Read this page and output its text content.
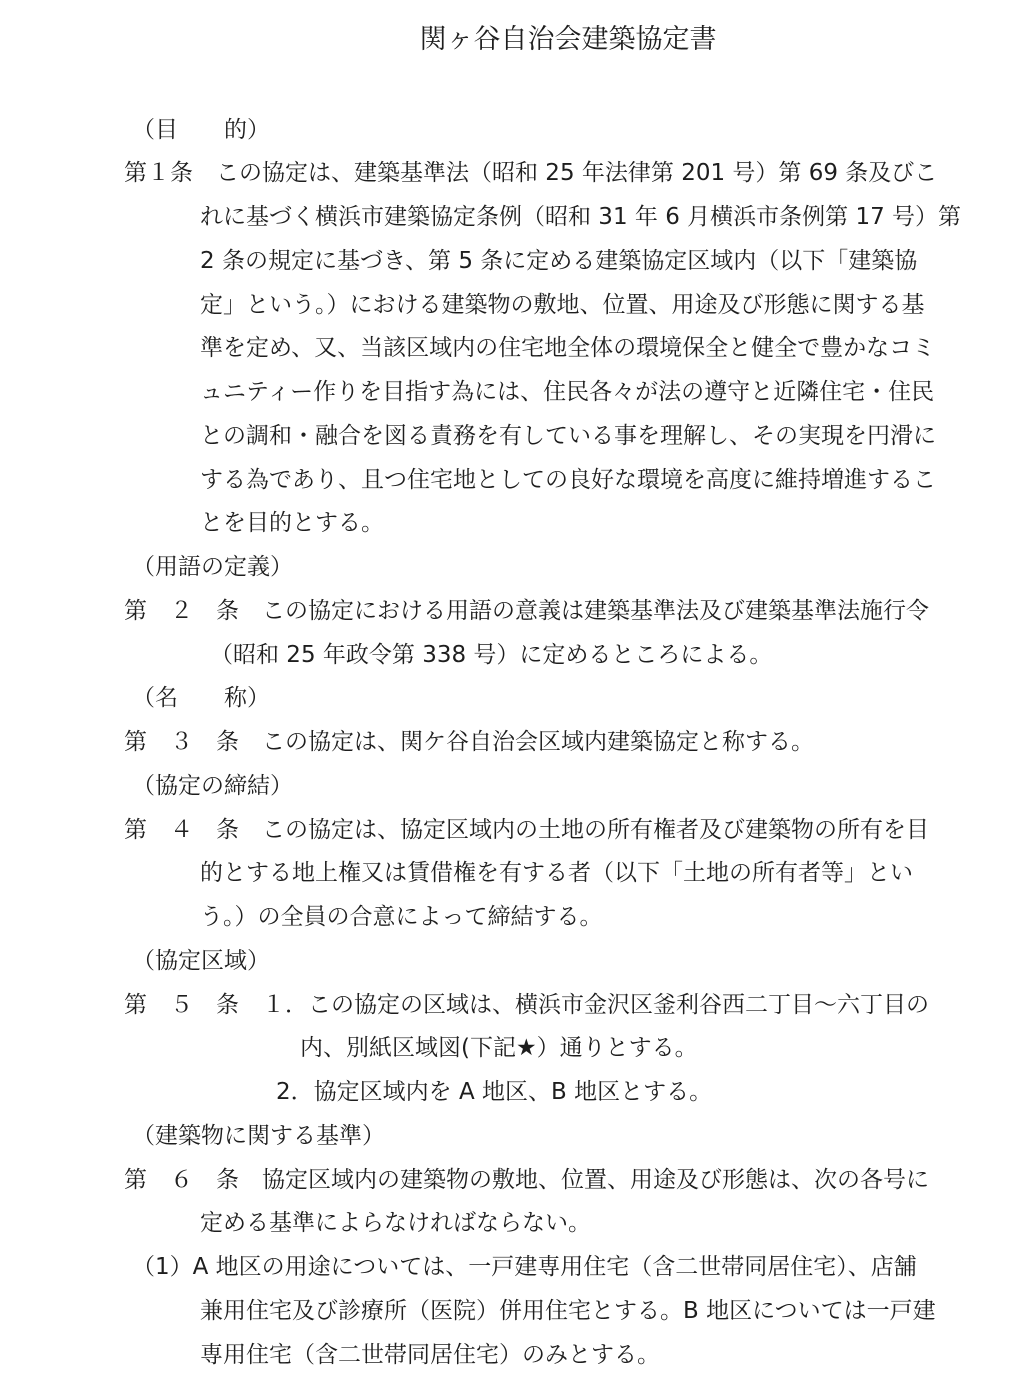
関ヶ谷自治会建築協定書
（目　　的）
第１条　この協定は、建築基準法（昭和 25 年法律第 201 号）第 69 条及びこ
れに基づく横浜市建築協定条例（昭和 31 年 6 月横浜市条例第 17 号）第
2 条の規定に基づき、第 5 条に定める建築協定区域内（以下「建築協
定」という。）における建築物の敷地、位置、用途及び形態に関する基
準を定め、又、当該区域内の住宅地全体の環境保全と健全で豊かなコミ
ュニティー作りを目指す為には、住民各々が法の遵守と近隣住宅・住民
との調和・融合を図る責務を有している事を理解し、その実現を円滑に
する為であり、且つ住宅地としての良好な環境を高度に維持増進するこ
とを目的とする。
（用語の定義）
第　２　条　この協定における用語の意義は建築基準法及び建築基準法施行令
（昭和 25 年政令第 338 号）に定めるところによる。
（名　　称）
第　３　条　この協定は、関ケ谷自治会区域内建築協定と称する。
（協定の締結）
第　４　条　この協定は、協定区域内の土地の所有権者及び建築物の所有を目
的とする地上権又は賃借権を有する者（以下「土地の所有者等」とい
う。）の全員の合意によって締結する。
（協定区域）
第　５　条　１．この協定の区域は、横浜市金沢区釜利谷西二丁目～六丁目の
内、別紙区域図(下記★）通りとする。
2．協定区域内を A 地区、B 地区とする。
（建築物に関する基準）
第　６　条　協定区域内の建築物の敷地、位置、用途及び形態は、次の各号に
定める基準によらなければならない。
（1）A 地区の用途については、一戸建専用住宅（含二世帯同居住宅）、店舗
兼用住宅及び診療所（医院）併用住宅とする。B 地区については一戸建
専用住宅（含二世帯同居住宅）のみとする。
